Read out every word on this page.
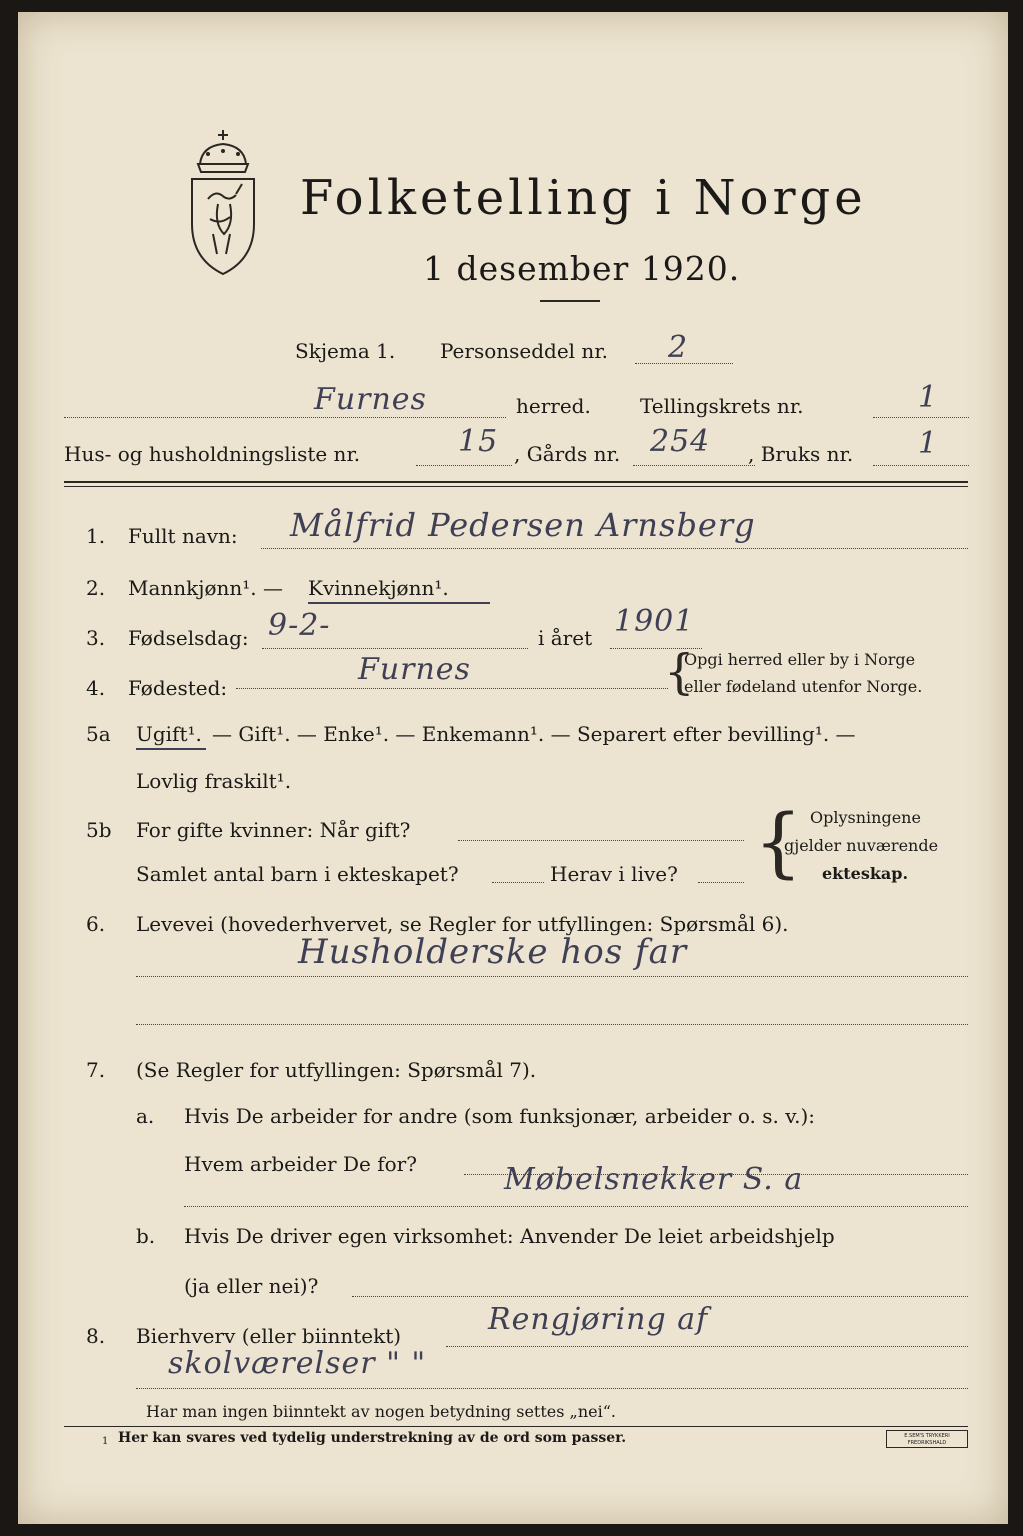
Folketelling i Norge
1 desember 1920.
Skjema 1. Personseddel nr. 2
Furnes	herred. Tellingskrets nr.	1
Hus- og husholdningsliste nr.	15 , Gårds nr. 254 , Bruks nr. 1
1. Fullt navn: Målfrid Pedersen Arnsberg
2. Mannkjønn¹. — Kvinnekjønn¹.
3. Fødselsdag: 9-2-	i året 1901
4. Fødested:
Furnes	{
Opgi herred eller by i Norge
eller fødeland utenfor Norge.
5a Ugift¹. — Gift¹. — Enke¹. — Enkemann¹. — Separert efter bevilling¹. —
Lovlig fraskilt¹.
5b For gifte kvinner: Når gift?
Samlet antal barn i ekteskapet?	Herav i live? { Oplysningene
gjelder nuværende
ekteskap.
6. Levevei (hovederhvervet, se Regler for utfyllingen: Spørsmål 6).
Husholderske hos far
7. (Se Regler for utfyllingen: Spørsmål 7).
a. Hvis De arbeider for andre (som funksjonær, arbeider o. s. v.):
Hvem arbeider De for?	Møbelsnekker S. a
b. Hvis De driver egen virksomhet: Anvender De leiet arbeidshjelp
(ja eller nei)?
8. Bierhverv (eller biinntekt)	Rengjøring af
skolværelser " "
Har man ingen biinntekt av nogen betydning settes „nei“.
1 Her kan svares ved tydelig understrekning av de ord som passer.	E.SEM'S TRYKKERI FREDRIKSHALD
